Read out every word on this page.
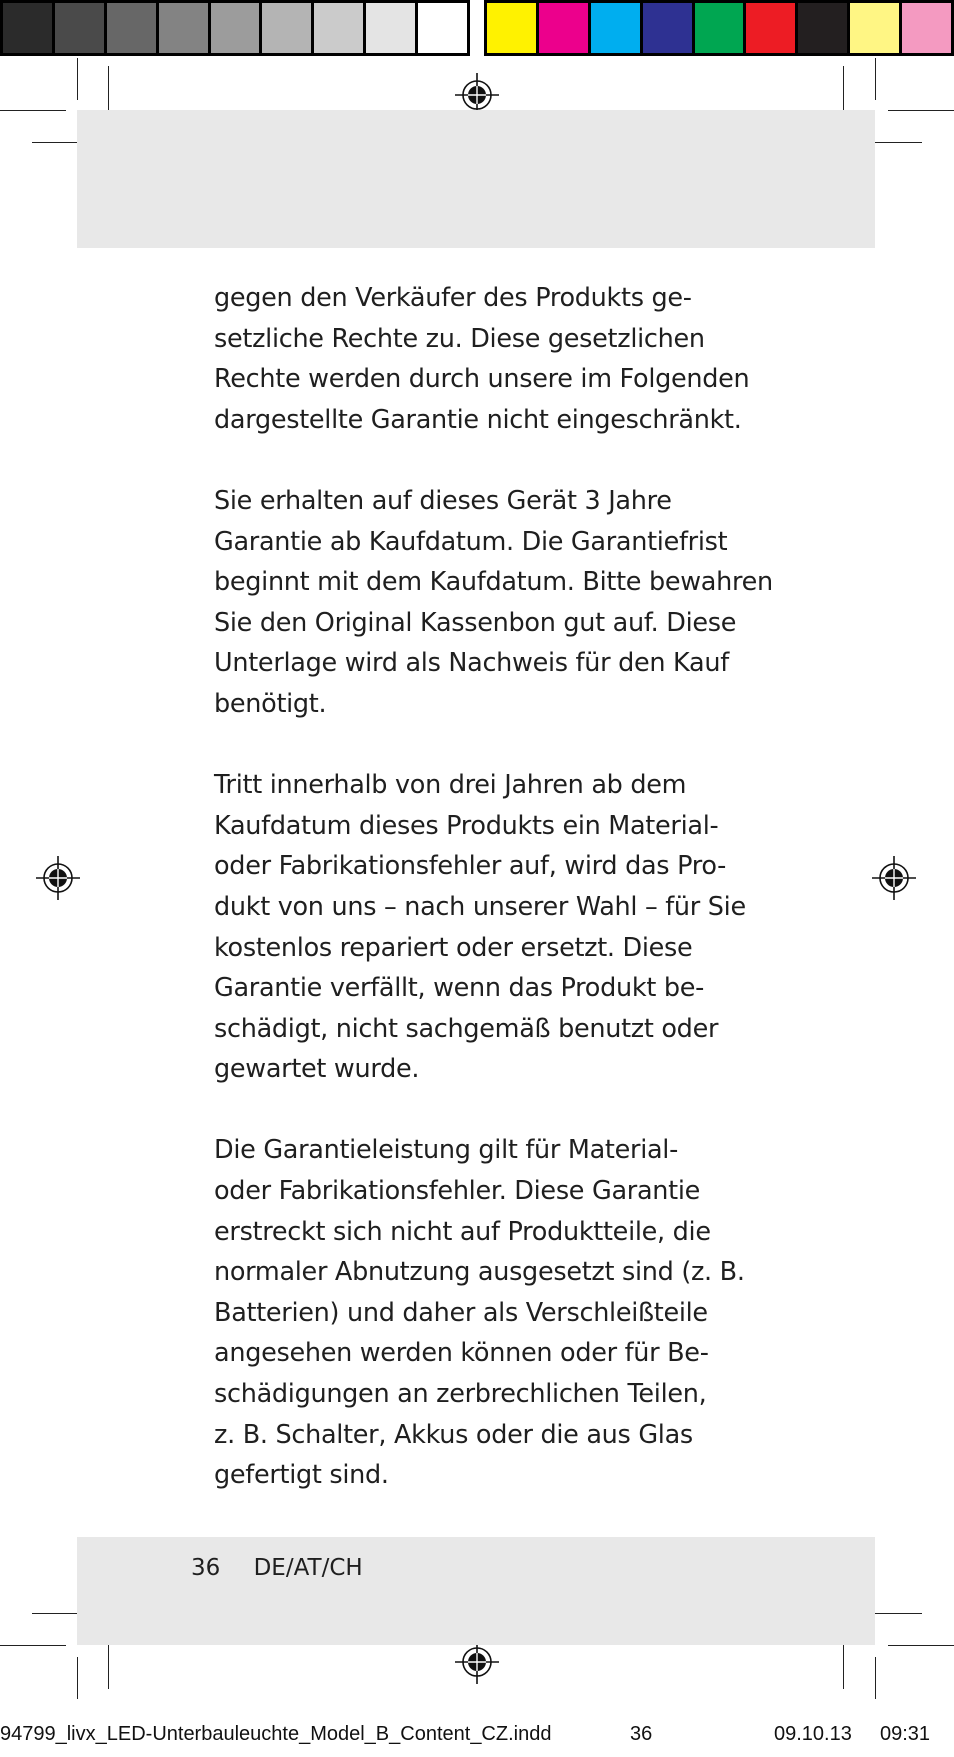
gegen den Verkäufer des Produkts ge-
setzliche Rechte zu. Diese gesetzlichen
Rechte werden durch unsere im Folgenden
dargestellte Garantie nicht eingeschränkt.

Sie erhalten auf dieses Gerät 3 Jahre
Garantie ab Kaufdatum. Die Garantiefrist
beginnt mit dem Kaufdatum. Bitte bewahren
Sie den Original Kassenbon gut auf. Diese
Unterlage wird als Nachweis für den Kauf
benötigt.

Tritt innerhalb von drei Jahren ab dem
Kaufdatum dieses Produkts ein Material-
oder Fabrikationsfehler auf, wird das Pro-
dukt von uns – nach unserer Wahl – für Sie
kostenlos repariert oder ersetzt. Diese
Garantie verfällt, wenn das Produkt be-
schädigt, nicht sachgemäß benutzt oder
gewartet wurde.

Die Garantieleistung gilt für Material-
oder Fabrikationsfehler. Diese Garantie
erstreckt sich nicht auf Produktteile, die
normaler Abnutzung ausgesetzt sind (z. B.
Batterien) und daher als Verschleißteile
angesehen werden können oder für Be-
schädigungen an zerbrechlichen Teilen,
z. B. Schalter, Akkus oder die aus Glas
gefertigt sind.

36 DE/AT/CH
94799_livx_LED-Unterbauleuchte_Model_B_Content_CZ.indd	36	09.10.13 09:31
